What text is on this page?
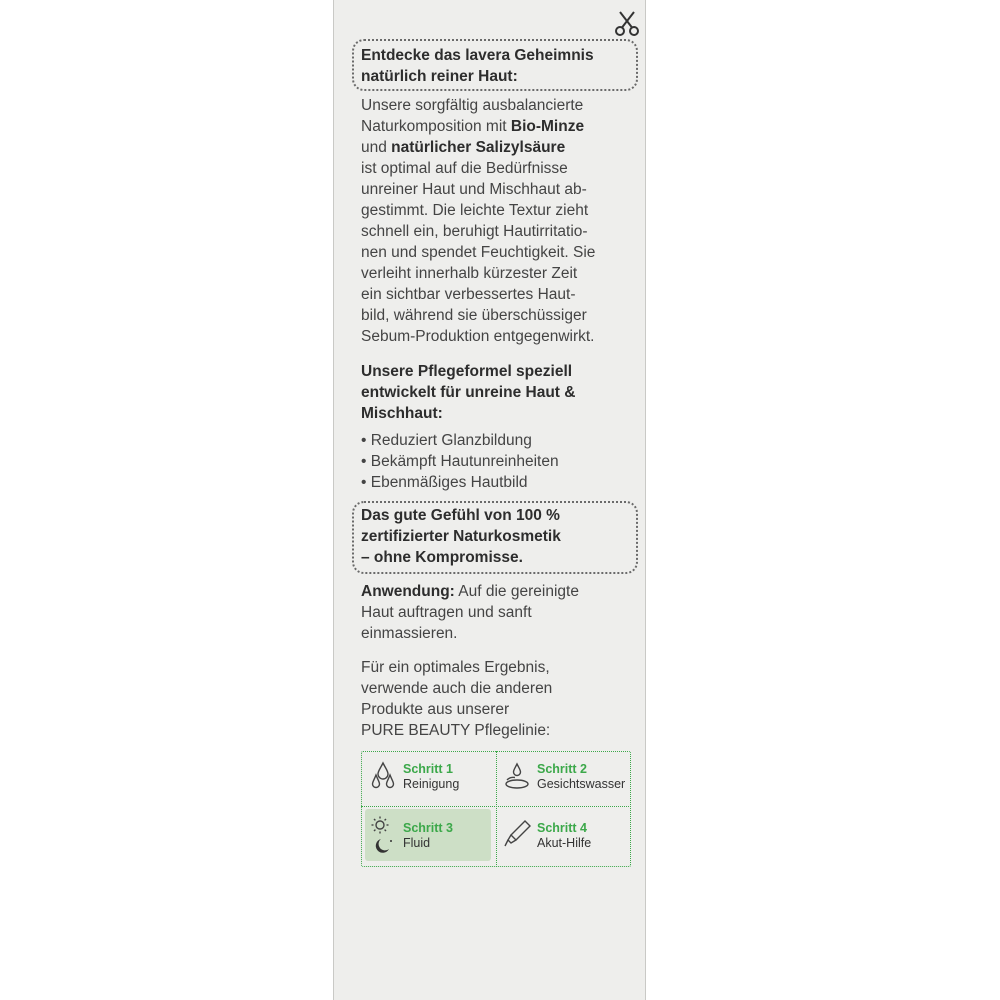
Entdecke das lavera Geheimnis
natürlich reiner Haut:
Unsere sorgfältig ausbalancierte
Naturkomposition mit Bio-Minze
und natürlicher Salizylsäure
ist optimal auf die Bedürfnisse
unreiner Haut und Mischhaut ab-
gestimmt. Die leichte Textur zieht
schnell ein, beruhigt Hautirritatio-
nen und spendet Feuchtigkeit. Sie
verleiht innerhalb kürzester Zeit
ein sichtbar verbessertes Haut-
bild, während sie überschüssiger
Sebum-Produktion entgegenwirkt.
Unsere Pflegeformel speziell
entwickelt für unreine Haut &
Mischhaut:
• Reduziert Glanzbildung
• Bekämpft Hautunreinheiten
• Ebenmäßiges Hautbild
Das gute Gefühl von 100 %
zertifizierter Naturkosmetik
– ohne Kompromisse.
Anwendung: Auf die gereinigte
Haut auftragen und sanft
einmassieren.
Für ein optimales Ergebnis,
verwende auch die anderen
Produkte aus unserer
PURE BEAUTY Pflegelinie:
Schritt 1
Reinigung
Schritt 2
Gesichtswasser
Schritt 3
Fluid
Schritt 4
Akut-Hilfe
